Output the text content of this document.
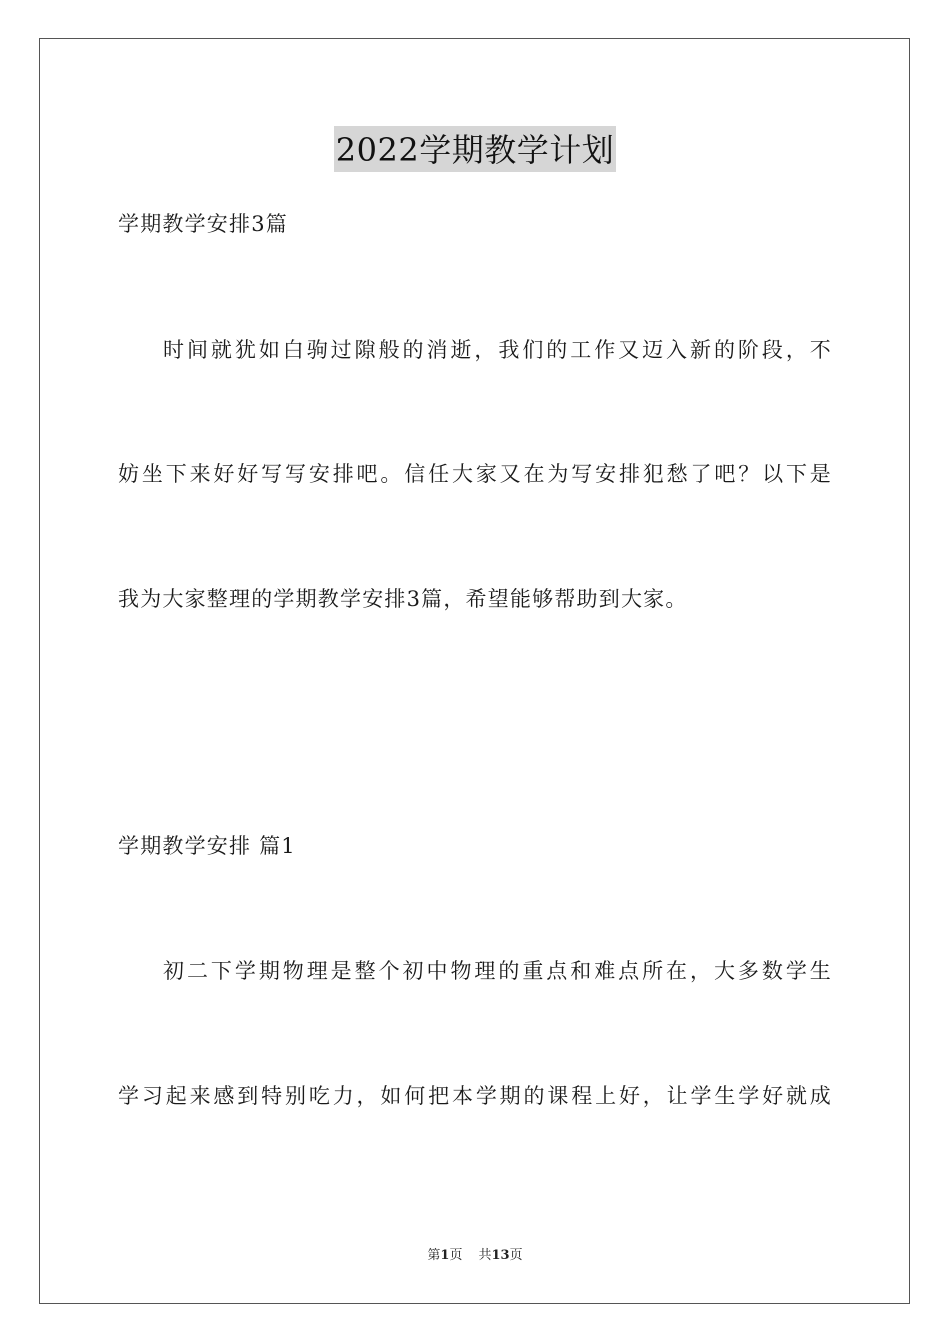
2022学期教学计划
学期教学安排3篇
时间就犹如白驹过隙般的消逝，我们的工作又迈入新的阶段，不
妨坐下来好好写写安排吧。信任大家又在为写安排犯愁了吧？以下是
我为大家整理的学期教学安排3篇，希望能够帮助到大家。
学期教学安排 篇1
初二下学期物理是整个初中物理的重点和难点所在，大多数学生
学习起来感到特别吃力，如何把本学期的课程上好，让学生学好就成
第1页 共13页
